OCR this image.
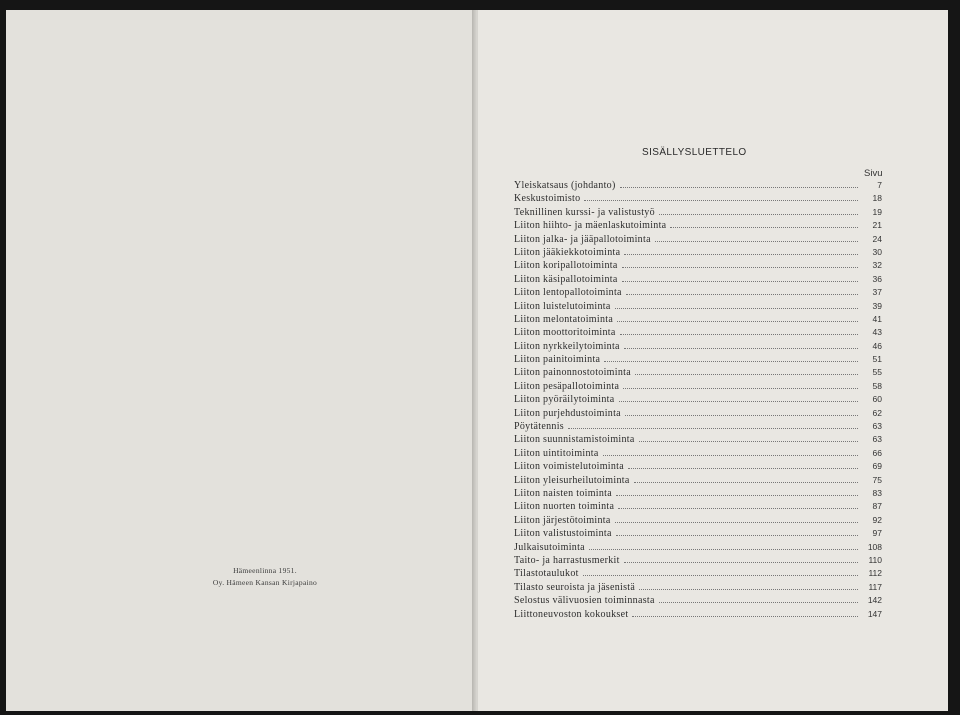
Hämeenlinna 1951.
Oy. Hämeen Kansan Kirjapaino
SISÄLLYSLUETTELO
Sivu
Yleiskatsaus (johdanto)	7
Keskustoimisto	18
Teknillinen kurssi- ja valistustyö	19
Liiton hiihto- ja mäenlaskutoiminta	21
Liiton jalka- ja jääpallotoiminta	24
Liiton jääkiekkotoiminta	30
Liiton koripallotoiminta	32
Liiton käsipallotoiminta	36
Liiton lentopallotoiminta	37
Liiton luistelutoiminta	39
Liiton melontatoiminta	41
Liiton moottoritoiminta	43
Liiton nyrkkeilytoiminta	46
Liiton painitoiminta	51
Liiton painonnostotoiminta	55
Liiton pesäpallotoiminta	58
Liiton pyöräilytoiminta	60
Liiton purjehdustoiminta	62
Pöytätennis	63
Liiton suunnistamistoiminta	63
Liiton uintitoiminta	66
Liiton voimistelutoiminta	69
Liiton yleisurheilutoiminta	75
Liiton naisten toiminta	83
Liiton nuorten toiminta	87
Liiton järjestötoiminta	92
Liiton valistustoiminta	97
Julkaisutoiminta	108
Taito- ja harrastusmerkit	110
Tilastotaulukot	112
Tilasto seuroista ja jäsenistä	117
Selostus välivuosien toiminnasta	142
Liittoneuvoston kokoukset	147
